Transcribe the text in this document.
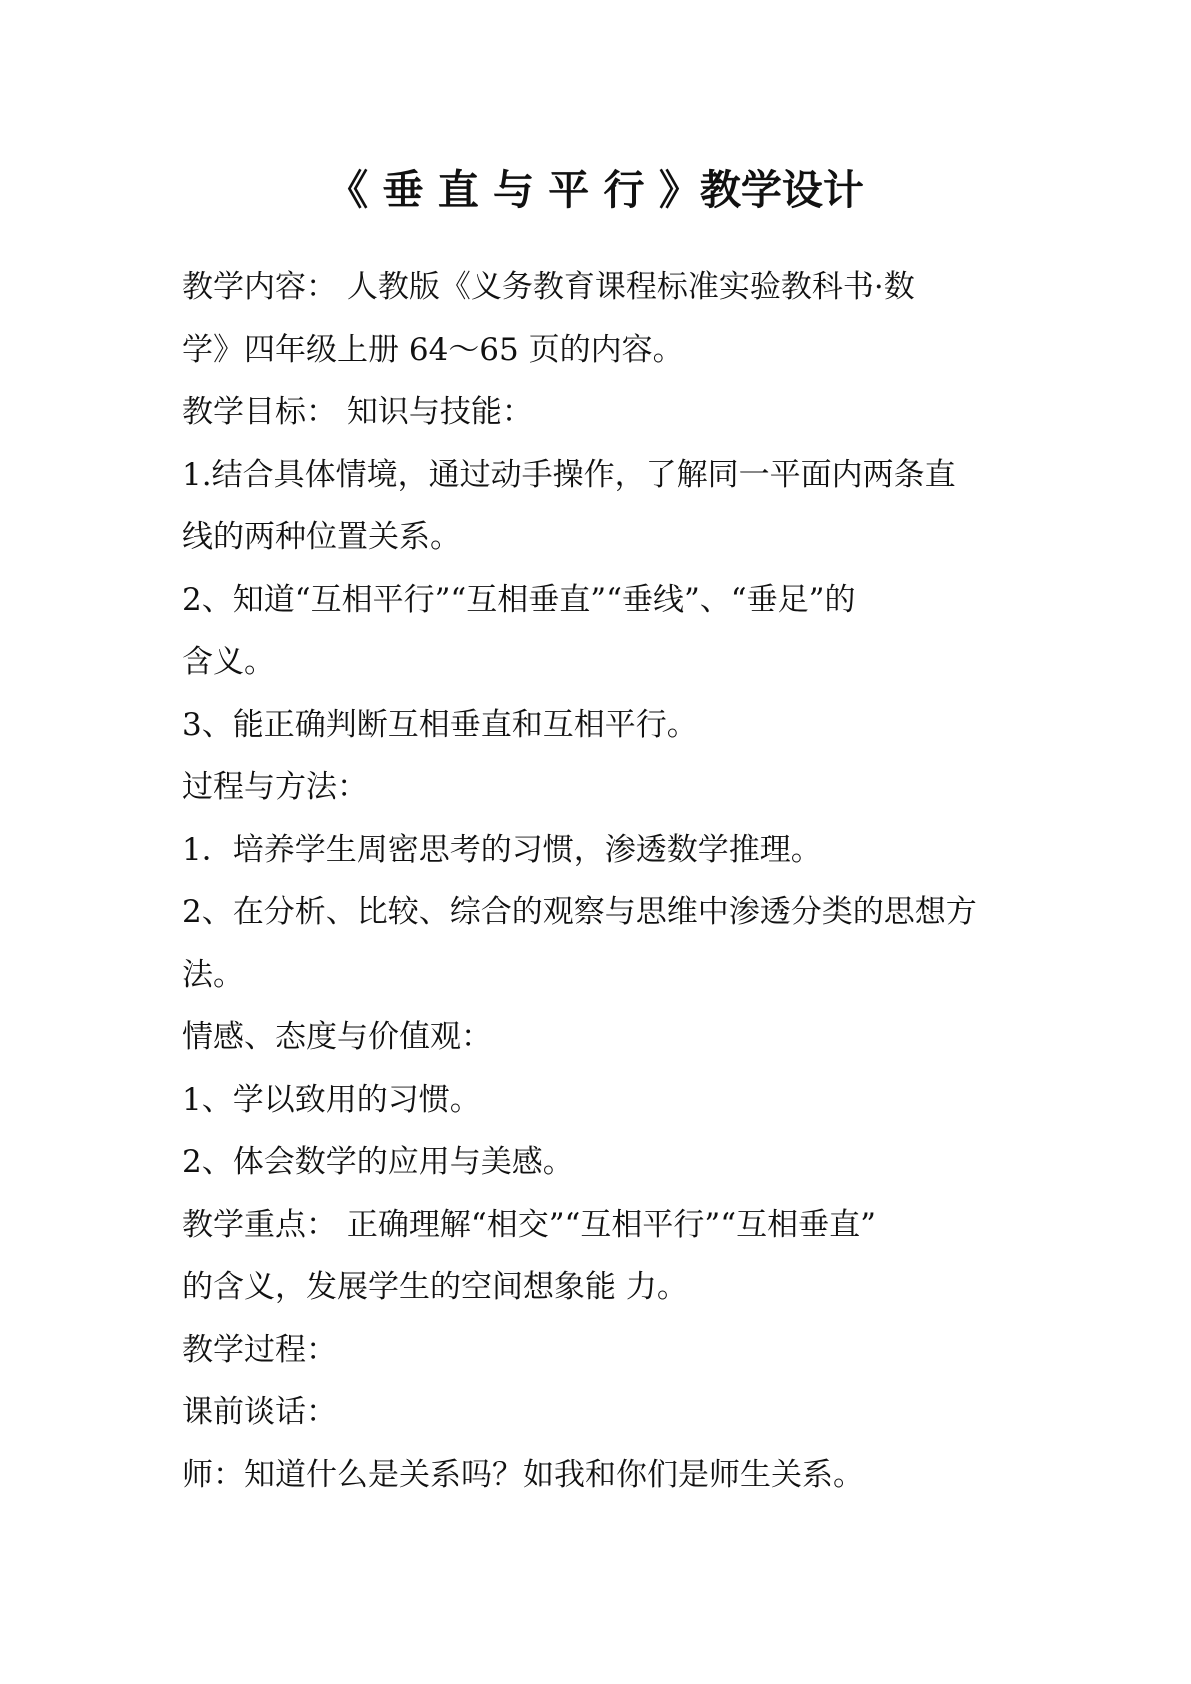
《 垂 直 与 平 行 》教学设计
教学内容： 人教版《义务教育课程标准实验教科书·数
学》四年级上册 64～65 页的内容。
教学目标： 知识与技能：
1.结合具体情境，通过动手操作，了解同一平面内两条直
线的两种位置关系。
2、知道“互相平行”“互相垂直”“垂线”、“垂足”的
含义。
3、能正确判断互相垂直和互相平行。
过程与方法：
1．培养学生周密思考的习惯，渗透数学推理。
2、在分析、比较、综合的观察与思维中渗透分类的思想方
法。
情感、态度与价值观：
1、学以致用的习惯。
2、体会数学的应用与美感。
教学重点： 正确理解“相交”“互相平行”“互相垂直”
的含义，发展学生的空间想象能 力。
教学过程：
课前谈话：
师：知道什么是关系吗？如我和你们是师生关系。
